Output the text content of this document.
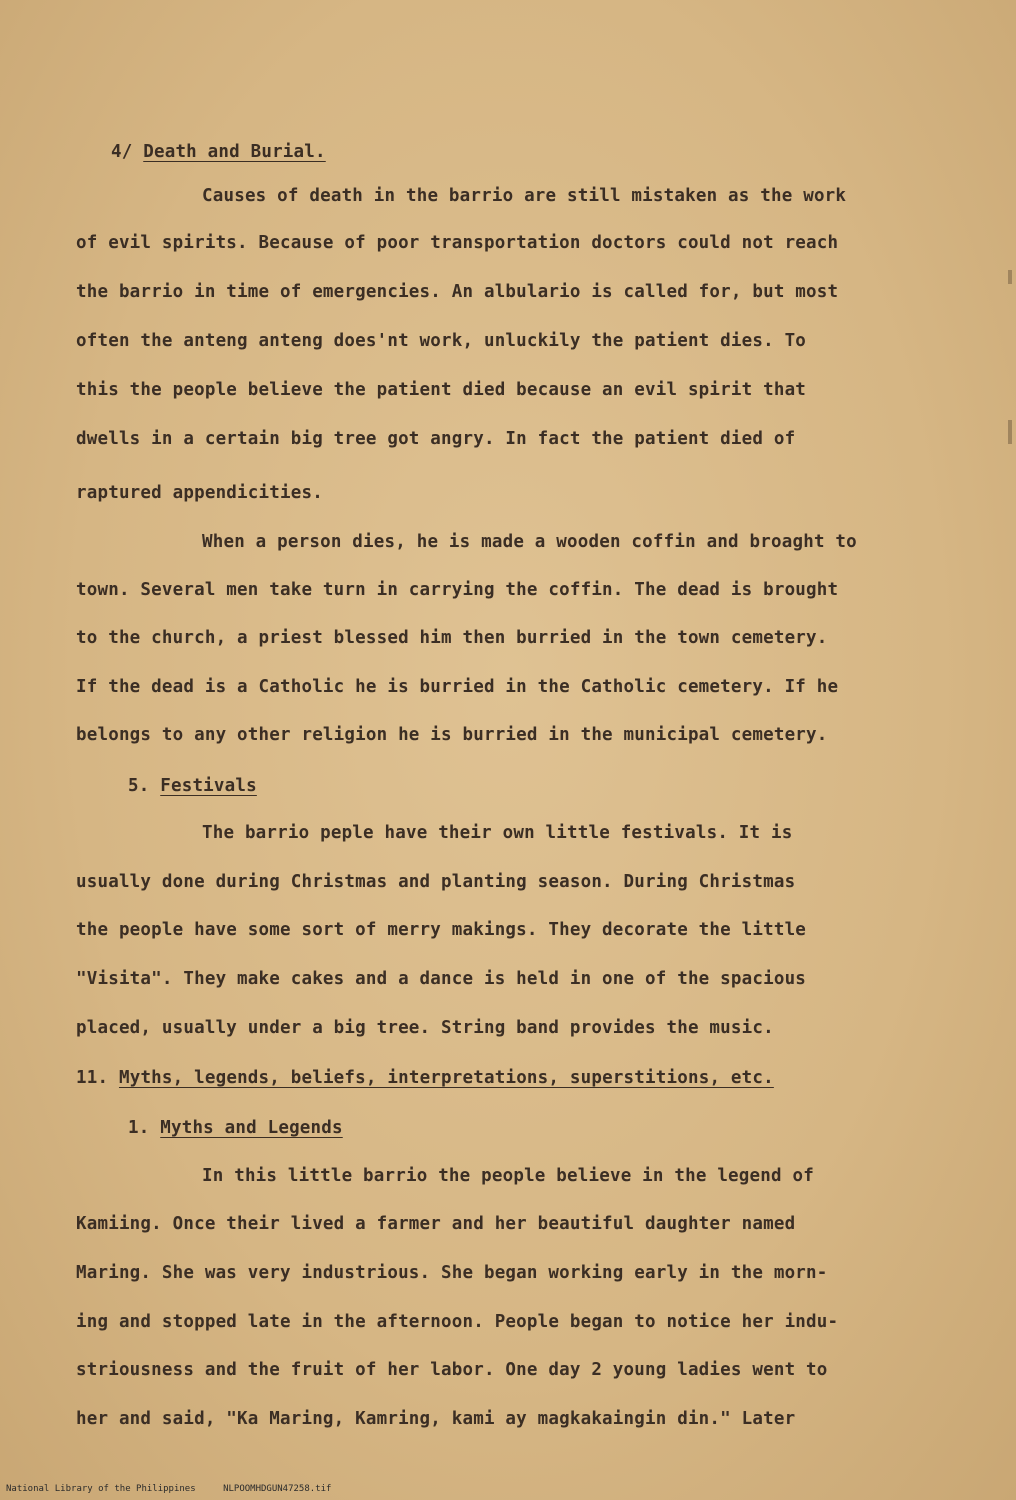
4/ Death and Burial.
Causes of death in the barrio are still mistaken as the work
of evil spirits. Because of poor transportation doctors could not reach
the barrio in time of emergencies. An albulario is called for, but most
often the anteng anteng does'nt work, unluckily the patient dies. To
this the people believe the patient died because an evil spirit that
dwells in a certain big tree got angry. In fact the patient died of
raptured appendicities.
When a person dies, he is made a wooden coffin and broaght to
town. Several men take turn in carrying the coffin. The dead is brought
to the church, a priest blessed him then burried in the town cemetery.
If the dead is a Catholic he is burried in the Catholic cemetery. If he
belongs to any other religion he is burried in the municipal cemetery.
5. Festivals
The barrio peple have their own little festivals. It is
usually done during Christmas and planting season. During Christmas
the people have some sort of merry makings. They decorate the little
"Visita". They make cakes and a dance is held in one of the spacious
placed, usually under a big tree. String band provides the music.
11. Myths, legends, beliefs, interpretations, superstitions, etc.
1. Myths and Legends
In this little barrio the people believe in the legend of
Kamiing. Once their lived a farmer and her beautiful daughter named
Maring. She was very industrious. She began working early in the morn-
ing and stopped late in the afternoon. People began to notice her indu-
striousness and the fruit of her labor. One day 2 young ladies went to
her and said, "Ka Maring, Kamring, kami ay magkakaingin din." Later
National Library of the Philippines	NLPOOMHDGUN47258.tif
